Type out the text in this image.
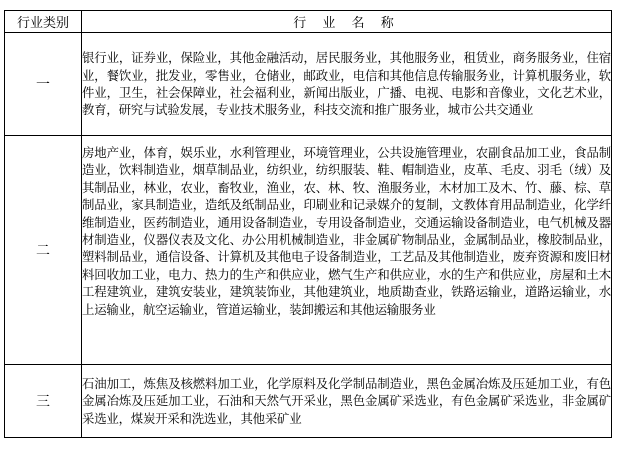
行业类别	行 业 名 称
一	银行业，证券业，保险业，其他金融活动，居民服务业，其他服务业，租赁业，商务服务业，住宿业，餐饮业，批发业，零售业，仓储业，邮政业，电信和其他信息传输服务业，计算机服务业，软件业，卫生，社会保障业，社会福利业，新闻出版业，广播、电视、电影和音像业，文化艺术业，教育，研究与试验发展，专业技术服务业，科技交流和推广服务业，城市公共交通业
二	房地产业，体育，娱乐业，水利管理业，环境管理业，公共设施管理业，农副食品加工业，食品制造业，饮料制造业，烟草制品业，纺织业，纺织服装、鞋、帽制造业，皮革、毛皮、羽毛（绒）及其制品业，林业，农业，畜牧业，渔业，农、林、牧、渔服务业，木材加工及木、竹、藤、棕、草制品业，家具制造业，造纸及纸制品业，印刷业和记录媒介的复制，文教体育用品制造业，化学纤维制造业，医药制造业，通用设备制造业，专用设备制造业，交通运输设备制造业，电气机械及器材制造业，仪器仪表及文化、办公用机械制造业，非金属矿物制品业，金属制品业，橡胶制品业，塑料制品业，通信设备、计算机及其他电子设备制造业，工艺品及其他制造业，废弃资源和废旧材料回收加工业，电力、热力的生产和供应业，燃气生产和供应业，水的生产和供应业，房屋和土木工程建筑业，建筑安装业，建筑装饰业，其他建筑业，地质勘查业，铁路运输业，道路运输业，水上运输业，航空运输业，管道运输业，装卸搬运和其他运输服务业
三	石油加工，炼焦及核燃料加工业，化学原料及化学制品制造业，黑色金属冶炼及压延加工业，有色金属冶炼及压延加工业，石油和天然气开采业，黑色金属矿采选业，有色金属矿采选业，非金属矿采选业，煤炭开采和洗选业，其他采矿业
